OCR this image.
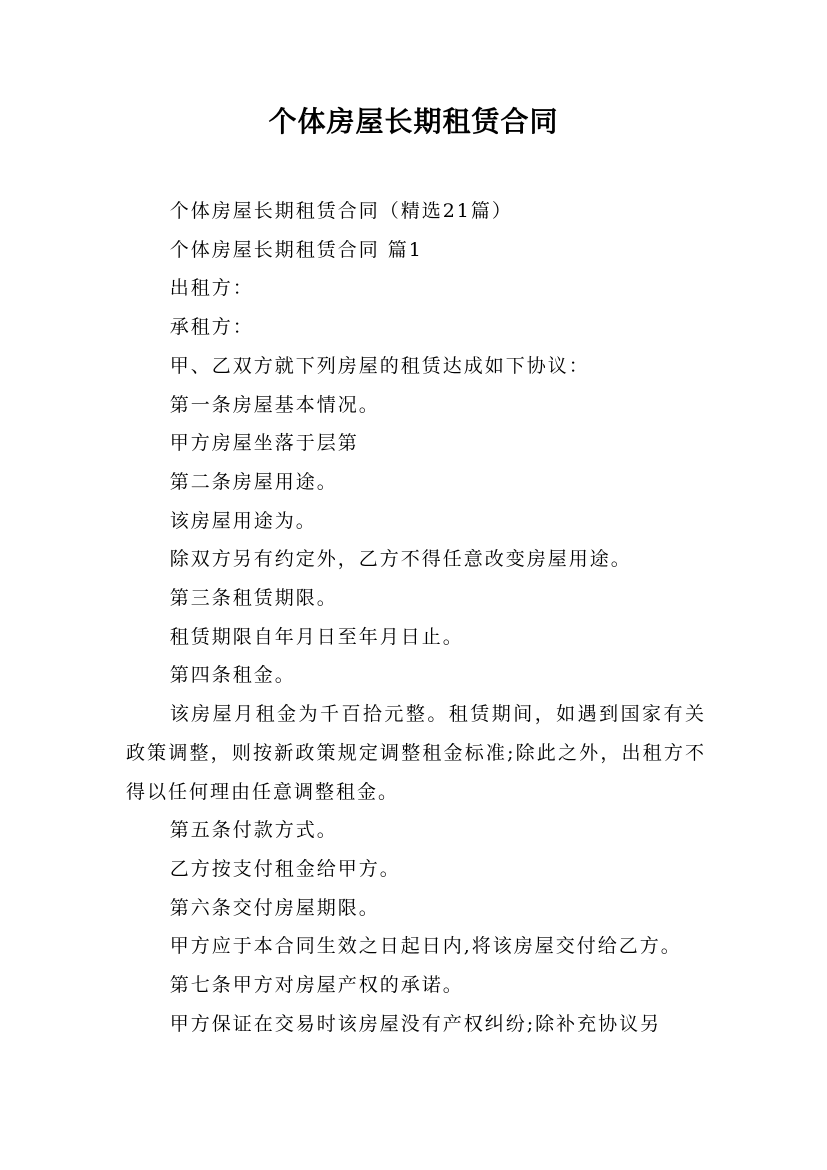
个体房屋长期租赁合同

个体房屋长期租赁合同（精选21篇）

个体房屋长期租赁合同 篇1

出租方：

承租方：

甲、乙双方就下列房屋的租赁达成如下协议：

第一条房屋基本情况。

甲方房屋坐落于层第

第二条房屋用途。

该房屋用途为。

除双方另有约定外，乙方不得任意改变房屋用途。

第三条租赁期限。

租赁期限自年月日至年月日止。

第四条租金。

该房屋月租金为千百拾元整。租赁期间，如遇到国家有关政策调整，则按新政策规定调整租金标准;除此之外，出租方不得以任何理由任意调整租金。

第五条付款方式。

乙方按支付租金给甲方。

第六条交付房屋期限。

甲方应于本合同生效之日起日内,将该房屋交付给乙方。

第七条甲方对房屋产权的承诺。

甲方保证在交易时该房屋没有产权纠纷;除补充协议另
